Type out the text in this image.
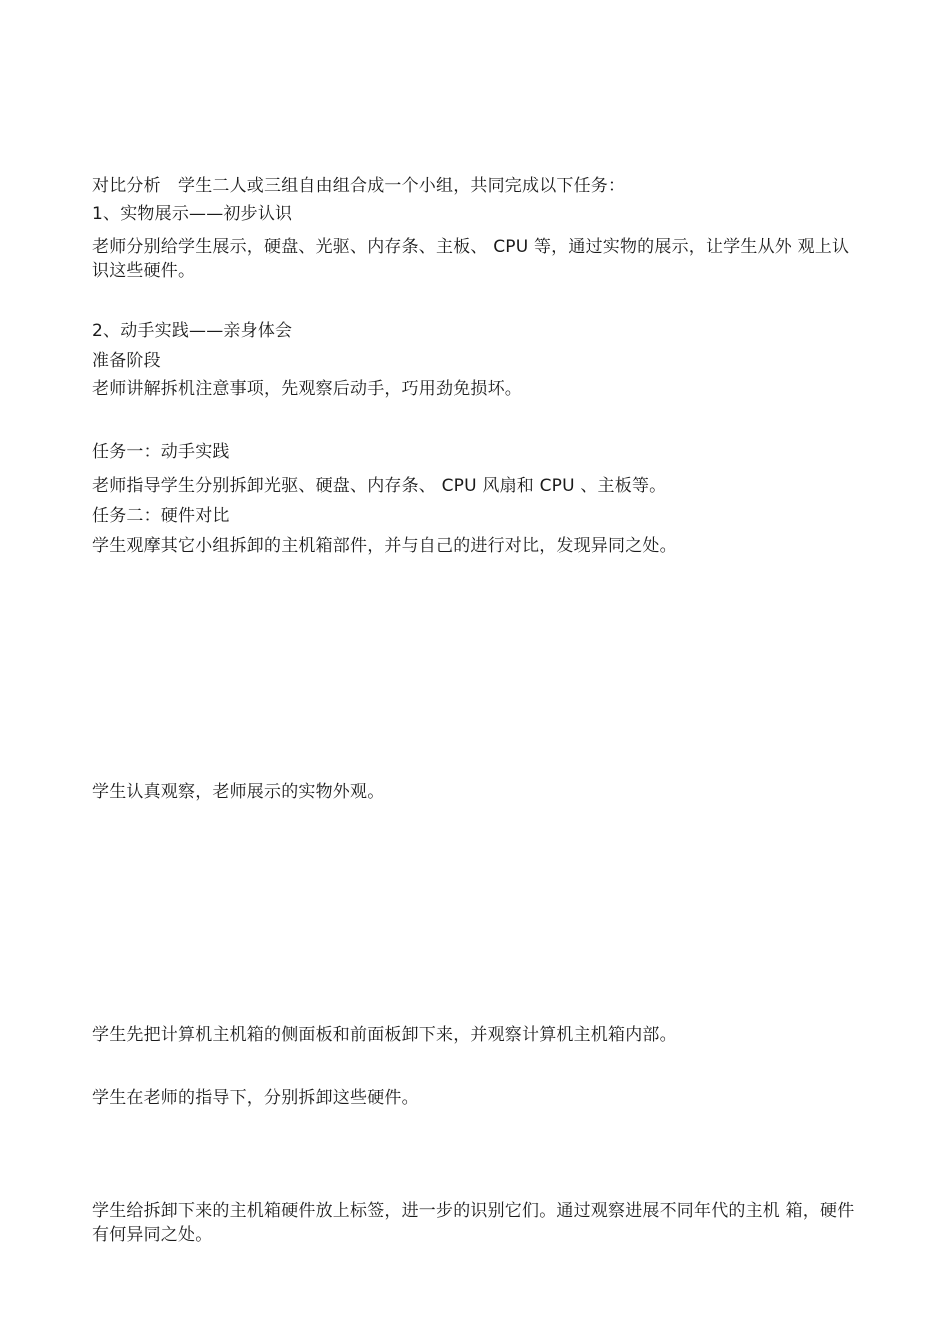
对比分析　学生二人或三组自由组合成一个小组，共同完成以下任务：
1、实物展示——初步认识
老师分别给学生展示，硬盘、光驱、内存条、主板、 CPU 等，通过实物的展示，让学生从外 观上认识这些硬件。
2、动手实践——亲身体会
准备阶段
老师讲解拆机注意事项，先观察后动手，巧用劲免损坏。
任务一：动手实践
老师指导学生分别拆卸光驱、硬盘、内存条、 CPU 风扇和 CPU 、主板等。
任务二：硬件对比
学生观摩其它小组拆卸的主机箱部件，并与自己的进行对比，发现异同之处。
学生认真观察，老师展示的实物外观。
学生先把计算机主机箱的侧面板和前面板卸下来，并观察计算机主机箱内部。
学生在老师的指导下，分别拆卸这些硬件。
学生给拆卸下来的主机箱硬件放上标签，进一步的识别它们。通过观察进展不同年代的主机 箱，硬件有何异同之处。
